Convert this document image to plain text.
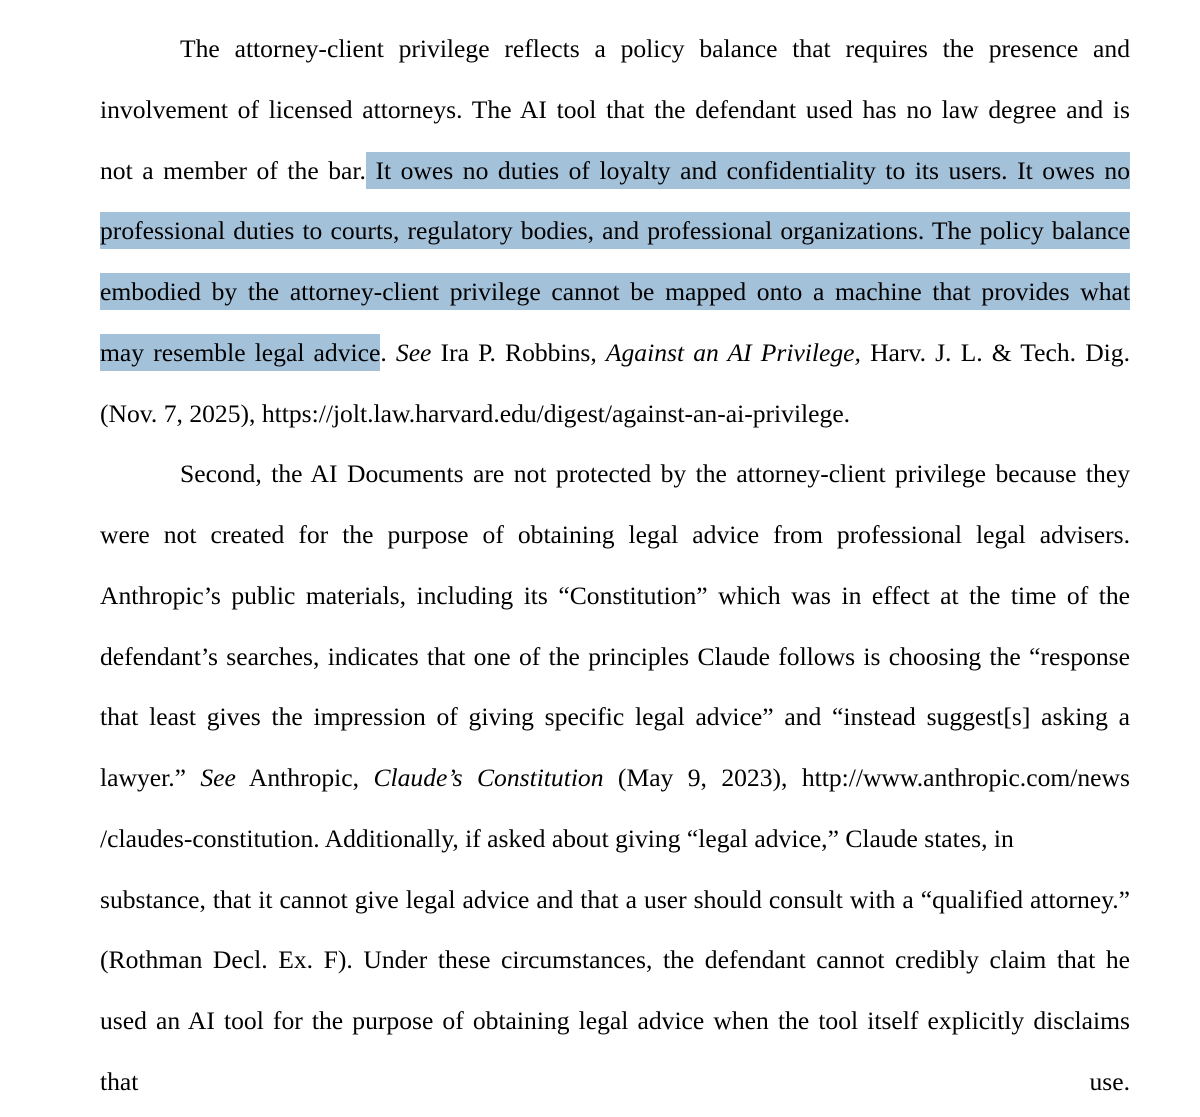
The attorney-client privilege reflects a policy balance that requires the presence and
involvement of licensed attorneys. The AI tool that the defendant used has no law degree and is
not a member of the bar. It owes no duties of loyalty and confidentiality to its users. It owes no
professional duties to courts, regulatory bodies, and professional organizations. The policy balance
embodied by the attorney-client privilege cannot be mapped onto a machine that provides what
may resemble legal advice. See Ira P. Robbins, Against an AI Privilege, Harv. J. L. & Tech. Dig.
(Nov. 7, 2025), https://jolt.law.harvard.edu/digest/against-an-ai-privilege.
Second, the AI Documents are not protected by the attorney-client privilege because they
were not created for the purpose of obtaining legal advice from professional legal advisers.
Anthropic’s public materials, including its “Constitution” which was in effect at the time of the
defendant’s searches, indicates that one of the principles Claude follows is choosing the “response
that least gives the impression of giving specific legal advice” and “instead suggest[s] asking a
lawyer.” See Anthropic, Claude’s Constitution (May 9, 2023), http://www.anthropic.com/news
/claudes-constitution. Additionally, if asked about giving “legal advice,” Claude states, in
substance, that it cannot give legal advice and that a user should consult with a “qualified attorney.”
(Rothman Decl. Ex. F). Under these circumstances, the defendant cannot credibly claim that he
used an AI tool for the purpose of obtaining legal advice when the tool itself explicitly disclaims
that use.
